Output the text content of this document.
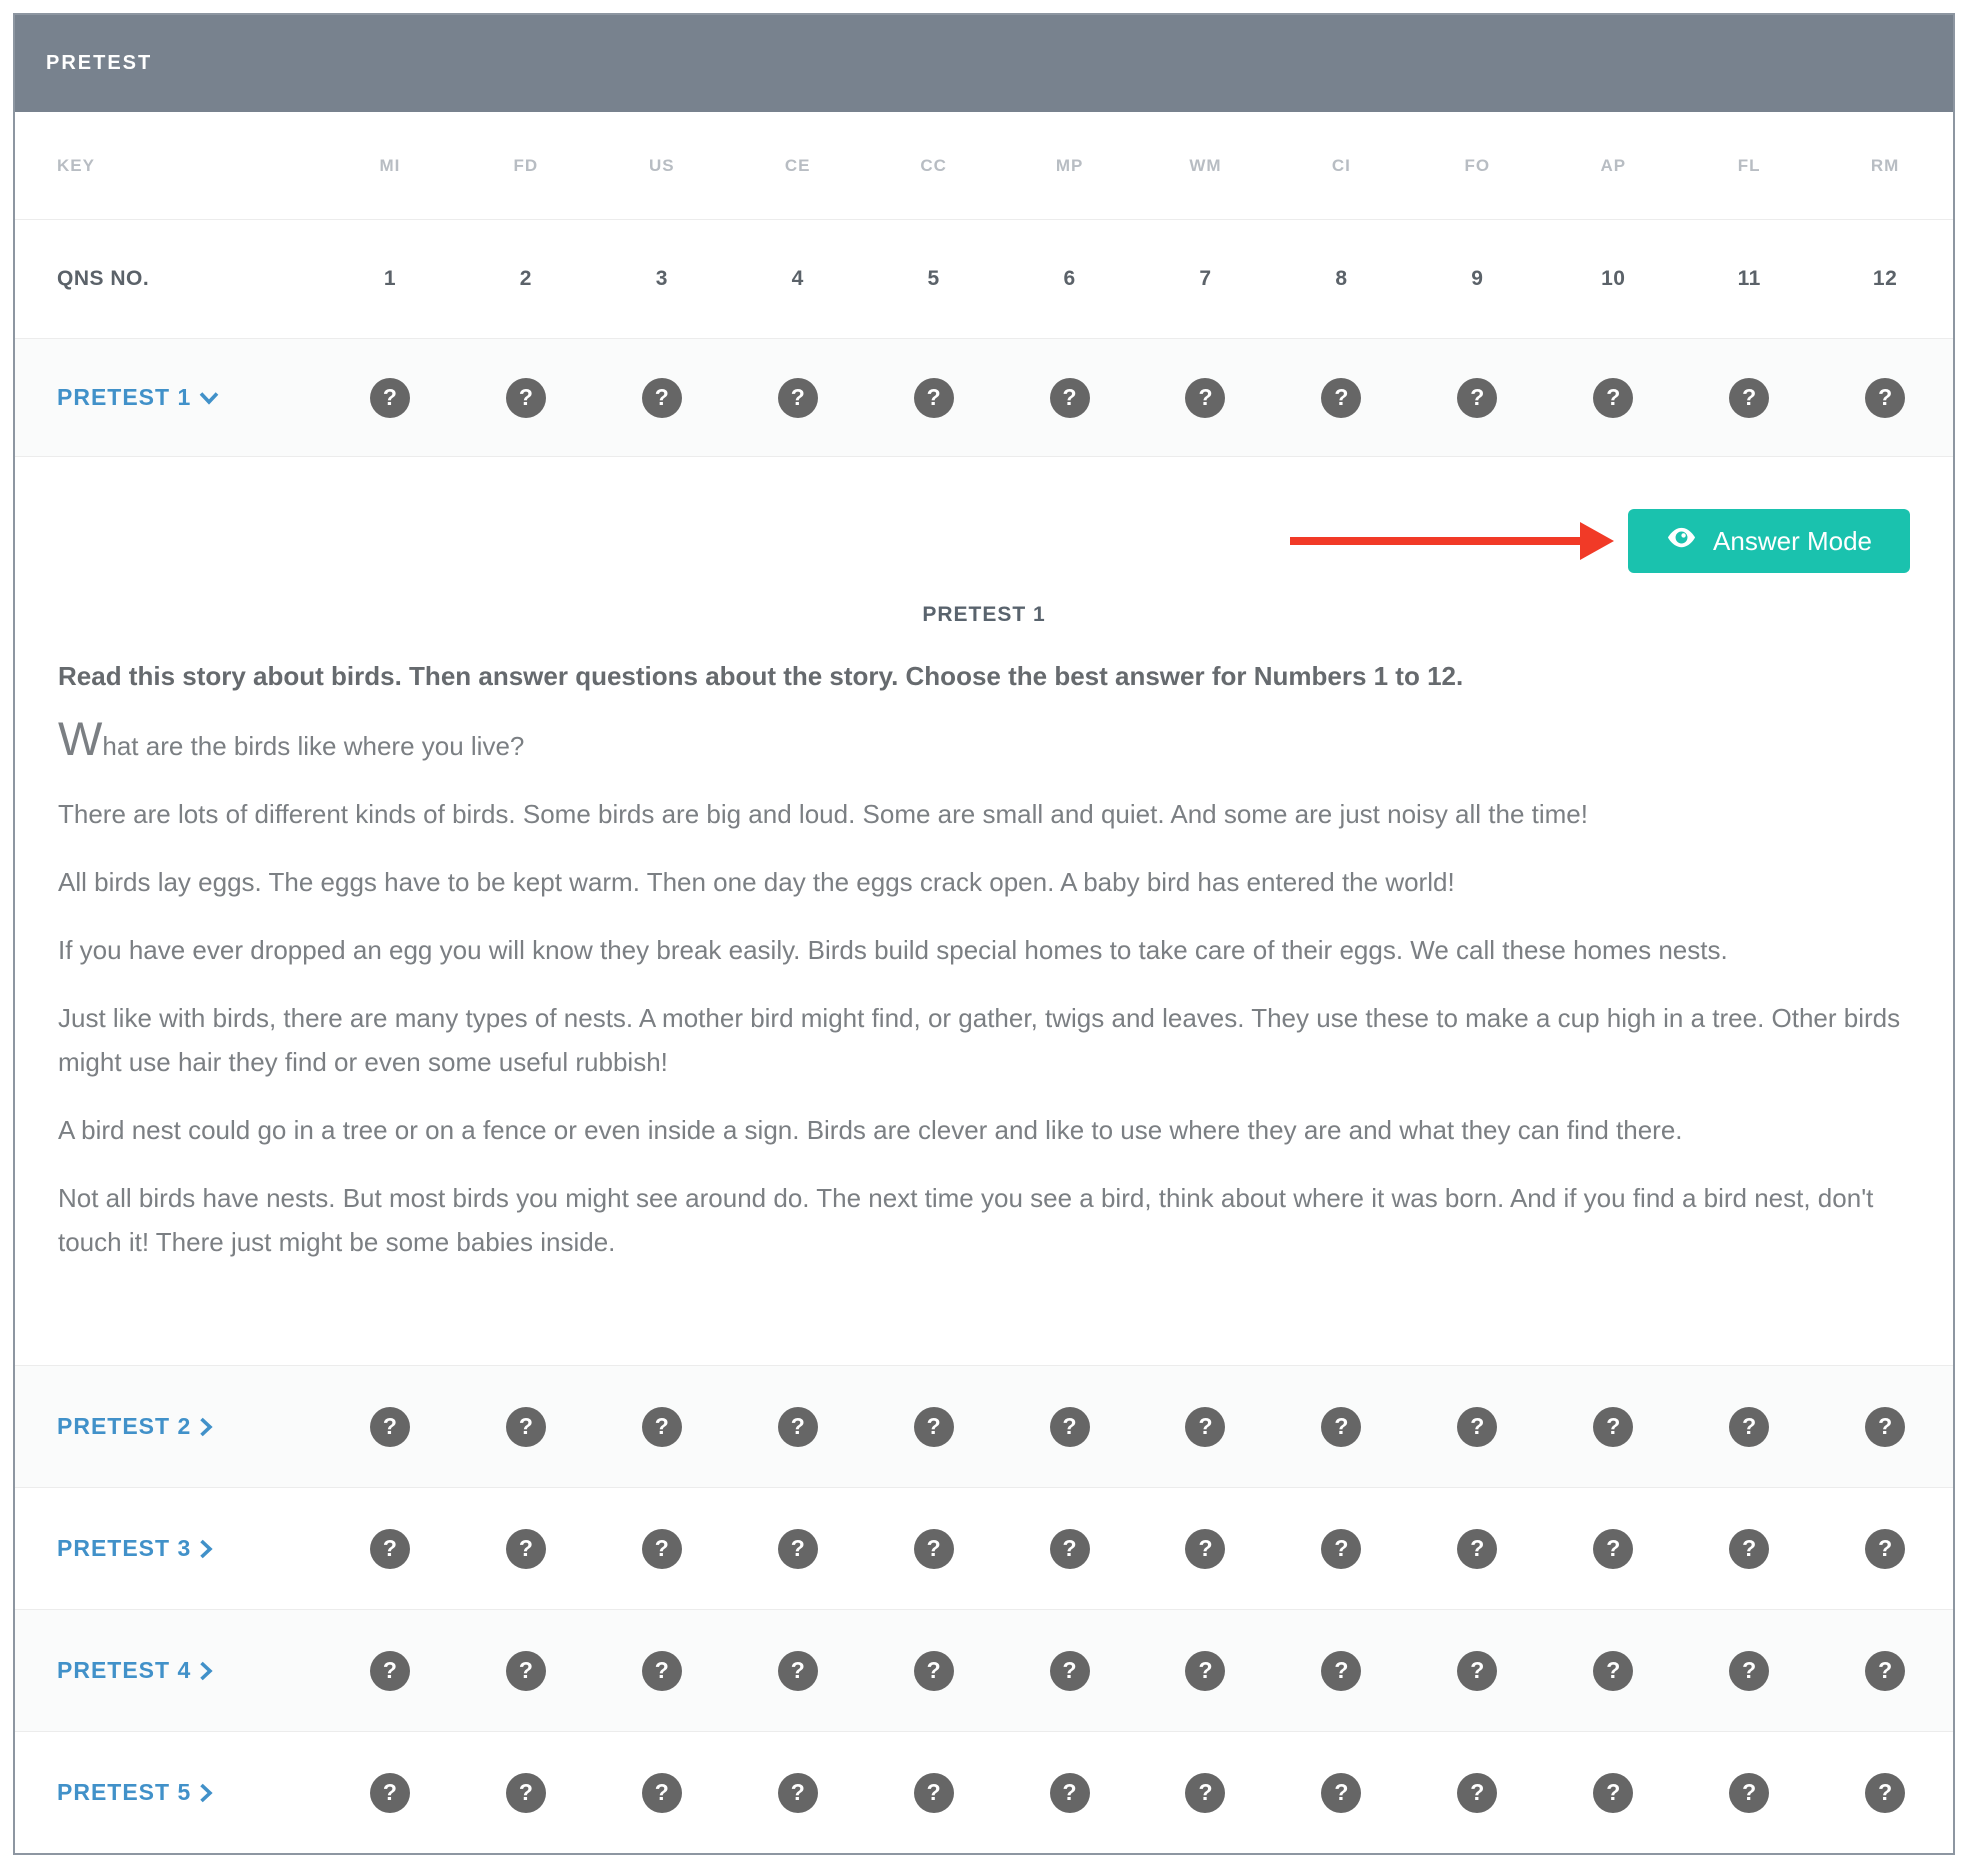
PRETEST
KEY	MI	FD	US	CE	CC	MP	WM	CI	FO	AP	FL	RM
QNS NO.	1	2	3	4	5	6	7	8	9	10	11	12
PRETEST 1	?	?	?	?	?	?	?	?	?	?	?	?
Answer Mode
PRETEST 1
Read this story about birds. Then answer questions about the story. Choose the best answer for Numbers 1 to 12.

What are the birds like where you live?

There are lots of different kinds of birds. Some birds are big and loud. Some are small and quiet. And some are just noisy all the time!

All birds lay eggs. The eggs have to be kept warm. Then one day the eggs crack open. A baby bird has entered the world!

If you have ever dropped an egg you will know they break easily. Birds build special homes to take care of their eggs. We call these homes nests.

Just like with birds, there are many types of nests. A mother bird might find, or gather, twigs and leaves. They use these to make a cup high in a tree. Other birds might use hair they find or even some useful rubbish!

A bird nest could go in a tree or on a fence or even inside a sign. Birds are clever and like to use where they are and what they can find there.

Not all birds have nests. But most birds you might see around do. The next time you see a bird, think about where it was born. And if you find a bird nest, don't touch it! There just might be some babies inside.

PRETEST 2	?	?	?	?	?	?	?	?	?	?	?	?
PRETEST 3	?	?	?	?	?	?	?	?	?	?	?	?
PRETEST 4	?	?	?	?	?	?	?	?	?	?	?	?
PRETEST 5	?	?	?	?	?	?	?	?	?	?	?	?
